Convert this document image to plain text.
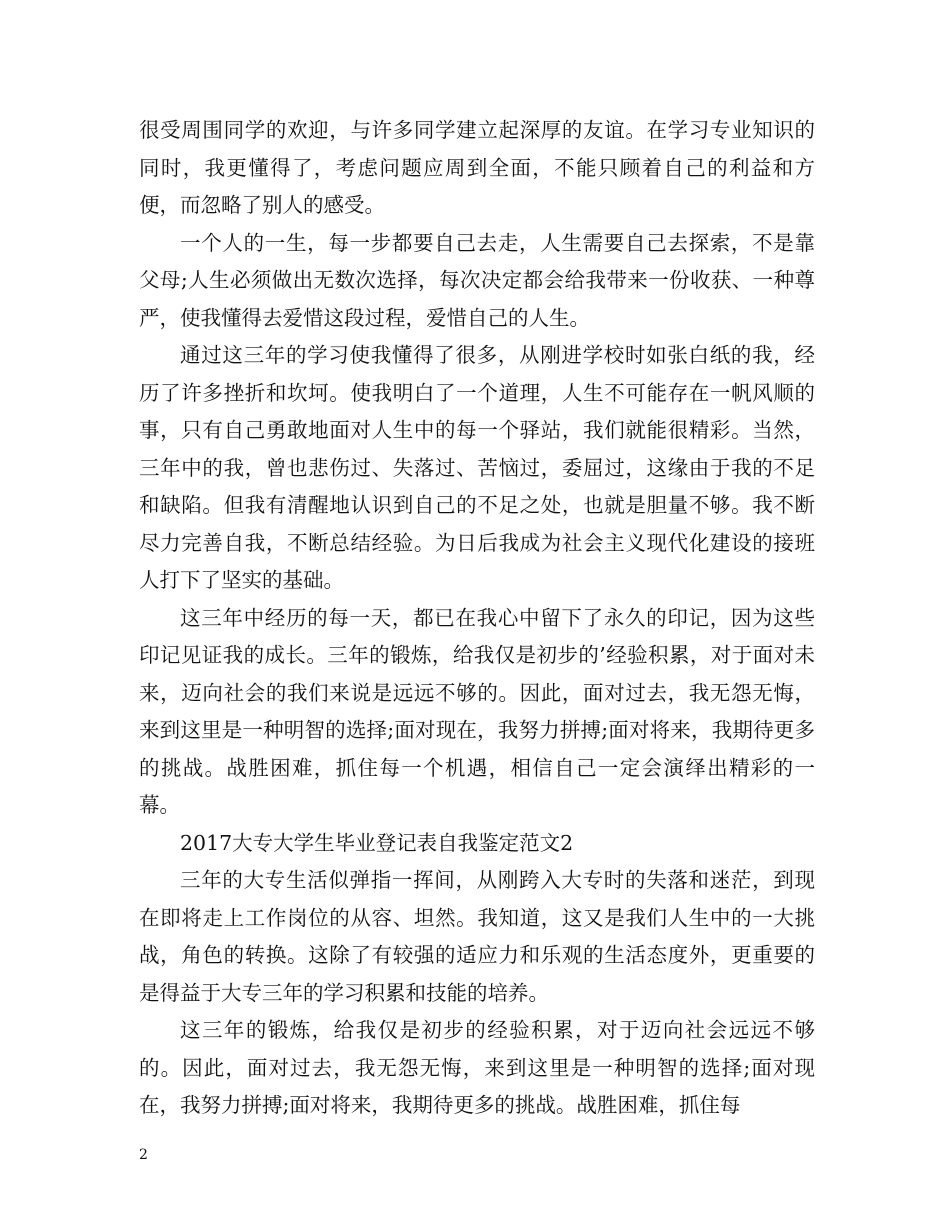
很受周围同学的欢迎，与许多同学建立起深厚的友谊。在学习专业知识的同时，我更懂得了，考虑问题应周到全面，不能只顾着自己的利益和方便，而忽略了别人的感受。

一个人的一生，每一步都要自己去走，人生需要自己去探索，不是靠父母;人生必须做出无数次选择，每次决定都会给我带来一份收获、一种尊严，使我懂得去爱惜这段过程，爱惜自己的人生。

通过这三年的学习使我懂得了很多，从刚进学校时如张白纸的我，经历了许多挫折和坎坷。使我明白了一个道理，人生不可能存在一帆风顺的事，只有自己勇敢地面对人生中的每一个驿站，我们就能很精彩。当然，三年中的我，曾也悲伤过、失落过、苦恼过，委屈过，这缘由于我的不足和缺陷。但我有清醒地认识到自己的不足之处，也就是胆量不够。我不断尽力完善自我，不断总结经验。为日后我成为社会主义现代化建设的接班人打下了坚实的基础。

这三年中经历的每一天，都已在我心中留下了永久的印记，因为这些印记见证我的成长。三年的锻炼，给我仅是初步的’经验积累，对于面对未来，迈向社会的我们来说是远远不够的。因此，面对过去，我无怨无悔，来到这里是一种明智的选择;面对现在，我努力拼搏;面对将来，我期待更多的挑战。战胜困难，抓住每一个机遇，相信自己一定会演绎出精彩的一幕。

2017大专大学生毕业登记表自我鉴定范文2

三年的大专生活似弹指一挥间，从刚跨入大专时的失落和迷茫，到现在即将走上工作岗位的从容、坦然。我知道，这又是我们人生中的一大挑战，角色的转换。这除了有较强的适应力和乐观的生活态度外，更重要的是得益于大专三年的学习积累和技能的培养。

这三年的锻炼，给我仅是初步的经验积累，对于迈向社会远远不够的。因此，面对过去，我无怨无悔，来到这里是一种明智的选择;面对现在，我努力拼搏;面对将来，我期待更多的挑战。战胜困难，抓住每

2
